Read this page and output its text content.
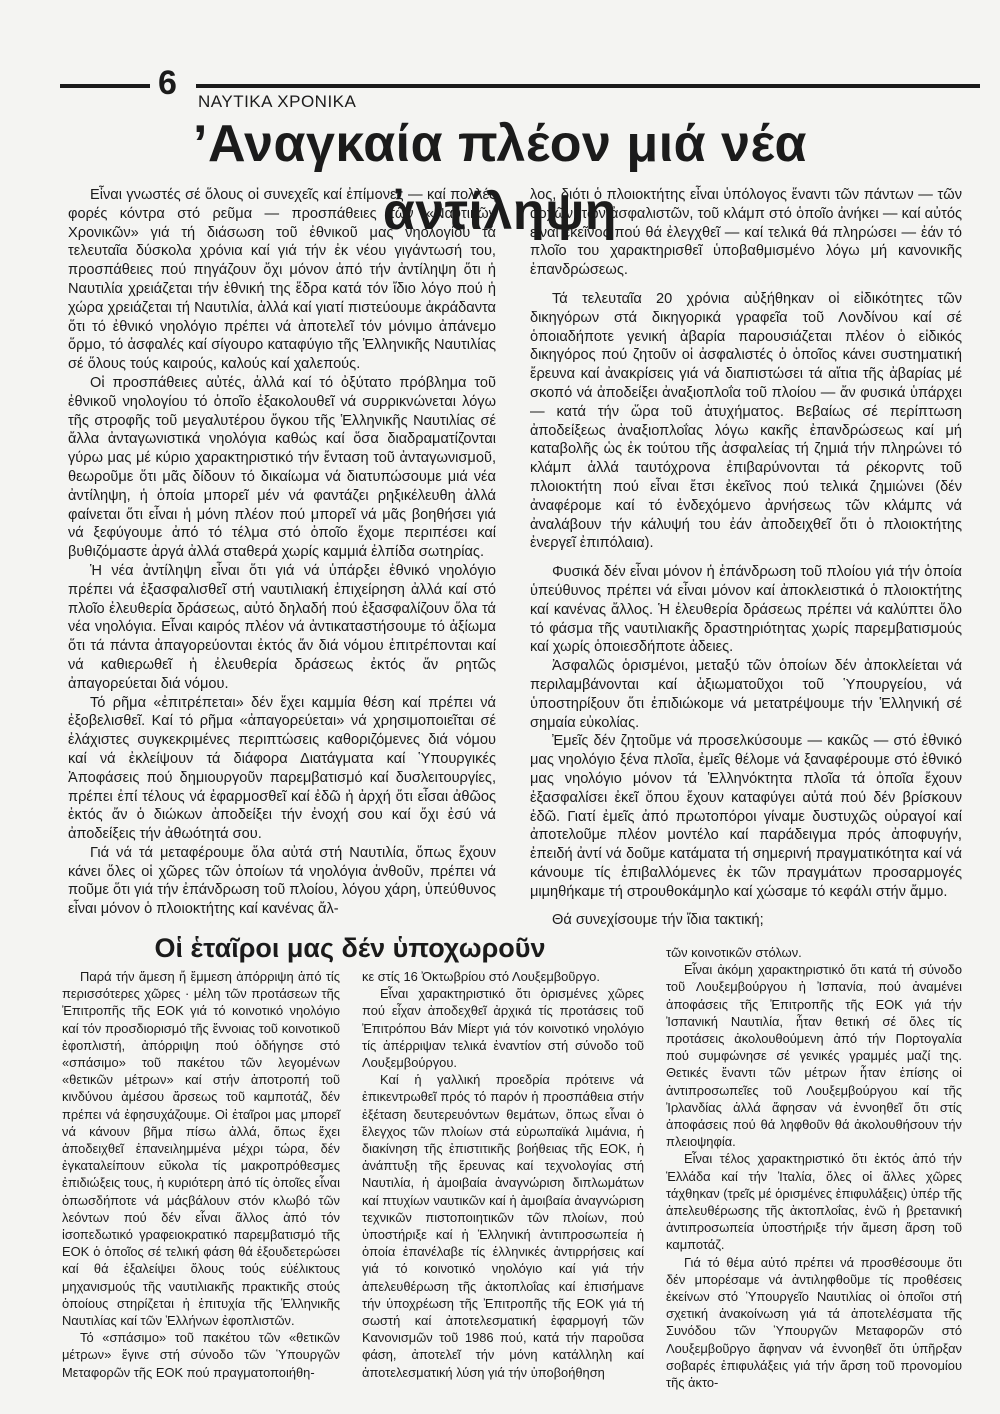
6 ΝΑΥΤΙΚΑ ΧΡΟΝΙΚΑ
’Αναγκαία πλέον μιά νέα ἀντίληψη

Εἶναι γνωστές σέ ὅλους οἱ συνεχεῖς καί ἐπίμονες — καί πολλές φορές κόντρα στό ρεῦμα — προσπάθειες τῶν «Ναυτικῶν Χρονικῶν» γιά τή διάσωση τοῦ ἐθνικοῦ μας νηολογίου τά τελευταῖα δύσκολα χρόνια καί γιά τήν ἐκ νέου γιγάντωσή του, προσπάθειες πού πηγάζουν ὄχι μόνον ἀπό τήν ἀντίληψη ὅτι ἡ Ναυτιλία χρειάζεται τήν ἐθνική της ἕδρα κατά τόν ἴδιο λόγο πού ἡ χώρα χρειάζεται τή Ναυτιλία, ἀλλά καί γιατί πιστεύουμε ἀκράδαντα ὅτι τό ἐθνικό νηολόγιο πρέπει νά ἀποτελεῖ τόν μόνιμο ἀπάνεμο ὅρμο, τό ἀσφαλές καί σίγουρο καταφύγιο τῆς Ἑλληνικῆς Ναυτιλίας σέ ὅλους τούς καιρούς, καλούς καί χαλεπούς.

Οἱ προσπάθειες αὐτές, ἀλλά καί τό ὀξύτατο πρόβλημα τοῦ ἐθνικοῦ νηολογίου τό ὁποῖο ἐξακολουθεῖ νά συρρικνώνεται λόγω τῆς στροφῆς τοῦ μεγαλυτέρου ὄγκου τῆς Ἑλληνικῆς Ναυτιλίας σέ ἄλλα ἀνταγωνιστικά νηολόγια καθώς καί ὅσα διαδραματίζονται γύρω μας μέ κύριο χαρακτηριστικό τήν ἔνταση τοῦ ἀνταγωνισμοῦ, θεωροῦμε ὅτι μᾶς δίδουν τό δικαίωμα νά διατυπώσουμε μιά νέα ἀντίληψη, ἡ ὁποία μπορεῖ μέν νά φαντάζει ρηξικέλευθη ἀλλά φαίνεται ὅτι εἶναι ἡ μόνη πλέον πού μπορεῖ νά μᾶς βοηθήσει γιά νά ξεφύγουμε ἀπό τό τέλμα στό ὁποῖο ἔχομε περιπέσει καί βυθιζόμαστε ἀργά ἀλλά σταθερά χωρίς καμμιά ἐλπίδα σωτηρίας.

Ἡ νέα ἀντίληψη εἶναι ὅτι γιά νά ὑπάρξει ἐθνικό νηολόγιο πρέπει νά ἐξασφαλισθεῖ στή ναυτιλιακή ἐπιχείρηση ἀλλά καί στό πλοῖο ἐλευθερία δράσεως, αὐτό δηλαδή πού ἐξασφαλίζουν ὅλα τά νέα νηολόγια. Εἶναι καιρός πλέον νά ἀντικαταστήσουμε τό ἀξίωμα ὅτι τά πάντα ἀπαγορεύονται ἐκτός ἄν διά νόμου ἐπιτρέπονται καί νά καθιερωθεῖ ἡ ἐλευθερία δράσεως ἐκτός ἄν ρητῶς ἀπαγορεύεται διά νόμου.

Τό ρῆμα «ἐπιτρέπεται» δέν ἔχει καμμία θέση καί πρέπει νά ἐξοβελισθεῖ. Καί τό ρῆμα «ἀπαγορεύεται» νά χρησιμοποιεῖται σέ ἐλάχιστες συγκεκριμένες περιπτώσεις καθοριζόμενες διά νόμου καί νά ἐκλείψουν τά διάφορα Διατάγματα καί Ὑπουργικές Ἀποφάσεις πού δημιουργοῦν παρεμβατισμό καί δυσλειτουργίες, πρέπει ἐπί τέλους νά ἐφαρμοσθεῖ καί ἐδῶ ἡ ἀρχή ὅτι εἶσαι ἀθῶος ἐκτός ἄν ὁ διώκων ἀποδείξει τήν ἐνοχή σου καί ὄχι ἐσύ νά ἀποδείξεις τήν ἀθωότητά σου.

Γιά νά τά μεταφέρουμε ὅλα αὐτά στή Ναυτιλία, ὅπως ἔχουν κάνει ὅλες οἱ χῶρες τῶν ὁποίων τά νηολόγια ἀνθοῦν, πρέπει νά ποῦμε ὅτι γιά τήν ἐπάνδρωση τοῦ πλοίου, λόγου χάρη, ὑπεύθυνος εἶναι μόνον ὁ πλοιοκτήτης καί κανένας ἄλ-

λος, διότι ὁ πλοιοκτήτης εἶναι ὑπόλογος ἔναντι τῶν πάντων — τῶν ἀρχῶν, τῶν ἀσφαλιστῶν, τοῦ κλάμπ στό ὁποῖο ἀνήκει — καί αὐτός εἶναι ἐκεῖνος πού θά ἐλεγχθεῖ — καί τελικά θά πληρώσει — ἐάν τό πλοῖο του χαρακτηρισθεῖ ὑποβαθμισμένο λόγω μή κανονικῆς ἐπανδρώσεως.

Τά τελευταῖα 20 χρόνια αὐξήθηκαν οἱ εἰδικότητες τῶν δικηγόρων στά δικηγορικά γραφεῖα τοῦ Λονδίνου καί σέ ὁποιαδήποτε γενική ἀβαρία παρουσιάζεται πλέον ὁ εἰδικός δικηγόρος πού ζητοῦν οἱ ἀσφαλιστές ὁ ὁποῖος κάνει συστηματική ἔρευνα καί ἀνακρίσεις γιά νά διαπιστώσει τά αἴτια τῆς ἀβαρίας μέ σκοπό νά ἀποδείξει ἀναξιοπλοΐα τοῦ πλοίου — ἄν φυσικά ὑπάρχει — κατά τήν ὥρα τοῦ ἀτυχήματος. Βεβαίως σέ περίπτωση ἀποδείξεως ἀναξιοπλοΐας λόγω κακῆς ἐπανδρώσεως καί μή καταβολῆς ὡς ἐκ τούτου τῆς ἀσφαλείας τή ζημιά τήν πληρώνει τό κλάμπ ἀλλά ταυτόχρονα ἐπιβαρύνονται τά ρέκορντς τοῦ πλοιοκτήτη πού εἶναι ἔτσι ἐκεῖνος πού τελικά ζημιώνει (δέν ἀναφέρομε καί τό ἐνδεχόμενο ἀρνήσεως τῶν κλάμπς νά ἀναλάβουν τήν κάλυψή του ἐάν ἀποδειχθεῖ ὅτι ὁ πλοιοκτήτης ἐνεργεῖ ἐπιπόλαια).

Φυσικά δέν εἶναι μόνον ἡ ἐπάνδρωση τοῦ πλοίου γιά τήν ὁποία ὑπεύθυνος πρέπει νά εἶναι μόνον καί ἀποκλειστικά ὁ πλοιοκτήτης καί κανένας ἄλλος. Ἡ ἐλευθερία δράσεως πρέπει νά καλύπτει ὅλο τό φάσμα τῆς ναυτιλιακῆς δραστηριότητας χωρίς παρεμβατισμούς καί χωρίς ὁποιεσδήποτε ἀδειες.

Ἀσφαλῶς ὁρισμένοι, μεταξύ τῶν ὁποίων δέν ἀποκλείεται νά περιλαμβάνονται καί ἀξιωματοῦχοι τοῦ Ὑπουργείου, νά ὑποστηρίξουν ὅτι ἐπιδιώκομε νά μετατρέψουμε τήν Ἑλληνική σέ σημαία εὐκολίας.

Ἐμεῖς δέν ζητοῦμε νά προσελκύσουμε — κακῶς — στό ἐθνικό μας νηολόγιο ξένα πλοῖα, ἐμεῖς θέλομε νά ξαναφέρουμε στό ἐθνικό μας νηολόγιο μόνον τά Ἑλληνόκτητα πλοῖα τά ὁποῖα ἔχουν ἐξασφαλίσει ἐκεῖ ὅπου ἔχουν καταφύγει αὐτά πού δέν βρίσκουν ἐδῶ. Γιατί ἐμεῖς ἀπό πρωτοπόροι γίναμε δυστυχῶς οὐραγοί καί ἀποτελοῦμε πλέον μοντέλο καί παράδειγμα πρός ἀποφυγήν, ἐπειδή ἀντί νά δοῦμε κατάματα τή σημερινή πραγματικότητα καί νά κάνουμε τίς ἐπιβαλλόμενες ἐκ τῶν πραγμάτων προσαρμογές μιμηθήκαμε τή στρουθοκάμηλο καί χώσαμε τό κεφάλι στήν ἄμμο.

Θά συνεχίσουμε τήν ἴδια τακτική;

Οἱ ἑταῖροι μας δέν ὑποχωροῦν

Παρά τήν ἄμεση ἤ ἔμμεση ἀπόρριψη ἀπό τίς περισσότερες χῶρες · μέλη τῶν προτάσεων τῆς Ἐπιτροπῆς τῆς ΕΟΚ γιά τό κοινοτικό νηολόγιο καί τόν προσδιορισμό τῆς ἔννοιας τοῦ κοινοτικοῦ ἐφοπλιστή, ἀπόρριψη πού ὁδήγησε στό «σπάσιμο» τοῦ πακέτου τῶν λεγομένων «θετικῶν μέτρων» καί στήν ἀποτροπή τοῦ κινδύνου ἀμέσου ἄρσεως τοῦ καμποτάζ, δέν πρέπει νά ἐφησυχάζουμε. Οἱ ἑταῖροι μας μπορεῖ νά κάνουν βῆμα πίσω ἀλλά, ὅπως ἔχει ἀποδειχθεῖ ἐπανειλημμένα μέχρι τώρα, δέν ἐγκαταλείπουν εὔκολα τίς μακροπρόθεσμες ἐπιδιώξεις τους, ἡ κυριότερη ἀπό τίς ὁποῖες εἶναι ὁπωσδήποτε νά μάςβάλουν στόν κλωβό τῶν λεόντων πού δέν εἶναι ἄλλος ἀπό τόν ἰσοπεδωτικό γραφειοκρατικό παρεμβατισμό τῆς ΕΟΚ ὁ ὁποῖος σέ τελική φάση θά ἐξουδετερώσει καί θά ἐξαλείψει ὅλους τούς εὐέλικτους μηχανισμούς τῆς ναυτιλιακῆς πρακτικῆς στούς ὁποίους στηρίζεται ἡ ἐπιτυχία τῆς Ἑλληνικῆς Ναυτιλίας καί τῶν Ἑλλήνων ἐφοπλιστῶν.

Τό «σπάσιμο» τοῦ πακέτου τῶν «θετικῶν μέτρων» ἔγινε στή σύνοδο τῶν Ὑπουργῶν Μεταφορῶν τῆς ΕΟΚ πού πραγματοποιήθη-

κε στίς 16 Ὀκτωβρίου στό Λουξεμβοῦργο.

Εἶναι χαρακτηριστικό ὅτι ὁρισμένες χῶρες πού εἶχαν ἀποδεχθεῖ ἀρχικά τίς προτάσεις τοῦ Ἐπιτρόπου Βάν Μίερτ γιά τόν κοινοτικό νηολόγιο τίς ἀπέρριψαν τελικά ἐναντίον στή σύνοδο τοῦ Λουξεμβούργου.

Καί ἡ γαλλική προεδρία πρότεινε νά ἐπικεντρωθεῖ πρός τό παρόν ἡ προσπάθεια στήν ἐξέταση δευτερευόντων θεμάτων, ὅπως εἶναι ὁ ἔλεγχος τῶν πλοίων στά εὐρωπαϊκά λιμάνια, ἡ διακίνηση τῆς ἐπιστιτικῆς βοήθειας τῆς ΕΟΚ, ἡ ἀνάπτυξη τῆς ἔρευνας καί τεχνολογίας στή Ναυτιλία, ἡ ἀμοιβαία ἀναγνώριση διπλωμάτων καί πτυχίων ναυτικῶν καί ἡ ἀμοιβαία ἀναγνώριση τεχνικῶν πιστοποιητικῶν τῶν πλοίων, πού ὑποστήριξε καί ἡ Ἑλληνική ἀντιπροσωπεία ἡ ὁποία ἐπανέλαβε τίς ἑλληνικές ἀντιρρήσεις καί γιά τό κοινοτικό νηολόγιο καί γιά τήν ἀπελευθέρωση τῆς ἀκτοπλοΐας καί ἐπισήμανε τήν ὑποχρέωση τῆς Ἐπιτροπῆς τῆς ΕΟΚ γιά τή σωστή καί ἀποτελεσματική ἐφαρμογή τῶν Κανονισμῶν τοῦ 1986 πού, κατά τήν παροῦσα φάση, ἀποτελεῖ τήν μόνη κατάλληλη καί ἀποτελεσματική λύση γιά τήν ὑποβοήθηση

τῶν κοινοτικῶν στόλων.

Εἶναι ἀκόμη χαρακτηριστικό ὅτι κατά τή σύνοδο τοῦ Λουξεμβούργου ἡ Ἰσπανία, πού ἀναμένει ἀποφάσεις τῆς Ἐπιτροπῆς τῆς ΕΟΚ γιά τήν Ἰσπανική Ναυτιλία, ἦταν θετική σέ ὅλες τίς προτάσεις ἀκολουθούμενη ἀπό τήν Πορτογαλία πού συμφώνησε σέ γενικές γραμμές μαζί της. Θετικές ἔναντι τῶν μέτρων ἦταν ἐπίσης οἱ ἀντιπροσωπεῖες τοῦ Λουξεμβούργου καί τῆς Ἰρλανδίας ἀλλά ἄφησαν νά ἐννοηθεῖ ὅτι στίς ἀποφάσεις πού θά ληφθοῦν θά ἀκολουθήσουν τήν πλειοψηφία.

Εἶναι τέλος χαρακτηριστικό ὅτι ἐκτός ἀπό τήν Ἑλλάδα καί τήν Ἰταλία, ὅλες οἱ ἄλλες χῶρες τάχθηκαν (τρεῖς μέ ὁρισμένες ἐπιφυλάξεις) ὑπέρ τῆς ἀπελευθέρωσης τῆς ἀκτοπλοΐας, ἐνῶ ἡ βρετανική ἀντιπροσωπεία ὑποστήριξε τήν ἄμεση ἄρση τοῦ καμποτάζ.

Γιά τό θέμα αὐτό πρέπει νά προσθέσουμε ὅτι δέν μπορέσαμε νά ἀντιληφθοῦμε τίς προθέσεις ἐκείνων στό Ὑπουργεῖο Ναυτιλίας οἱ ὁποῖοι στή σχετική ἀνακοίνωση γιά τά ἀποτελέσματα τῆς Συνόδου τῶν Ὑπουργῶν Μεταφορῶν στό Λουξεμβοῦργο ἄφηναν νά ἐννοηθεῖ ὅτι ὑπῆρξαν σοβαρές ἐπιφυλάξεις γιά τήν ἄρση τοῦ προνομίου τῆς ἀκτο-
